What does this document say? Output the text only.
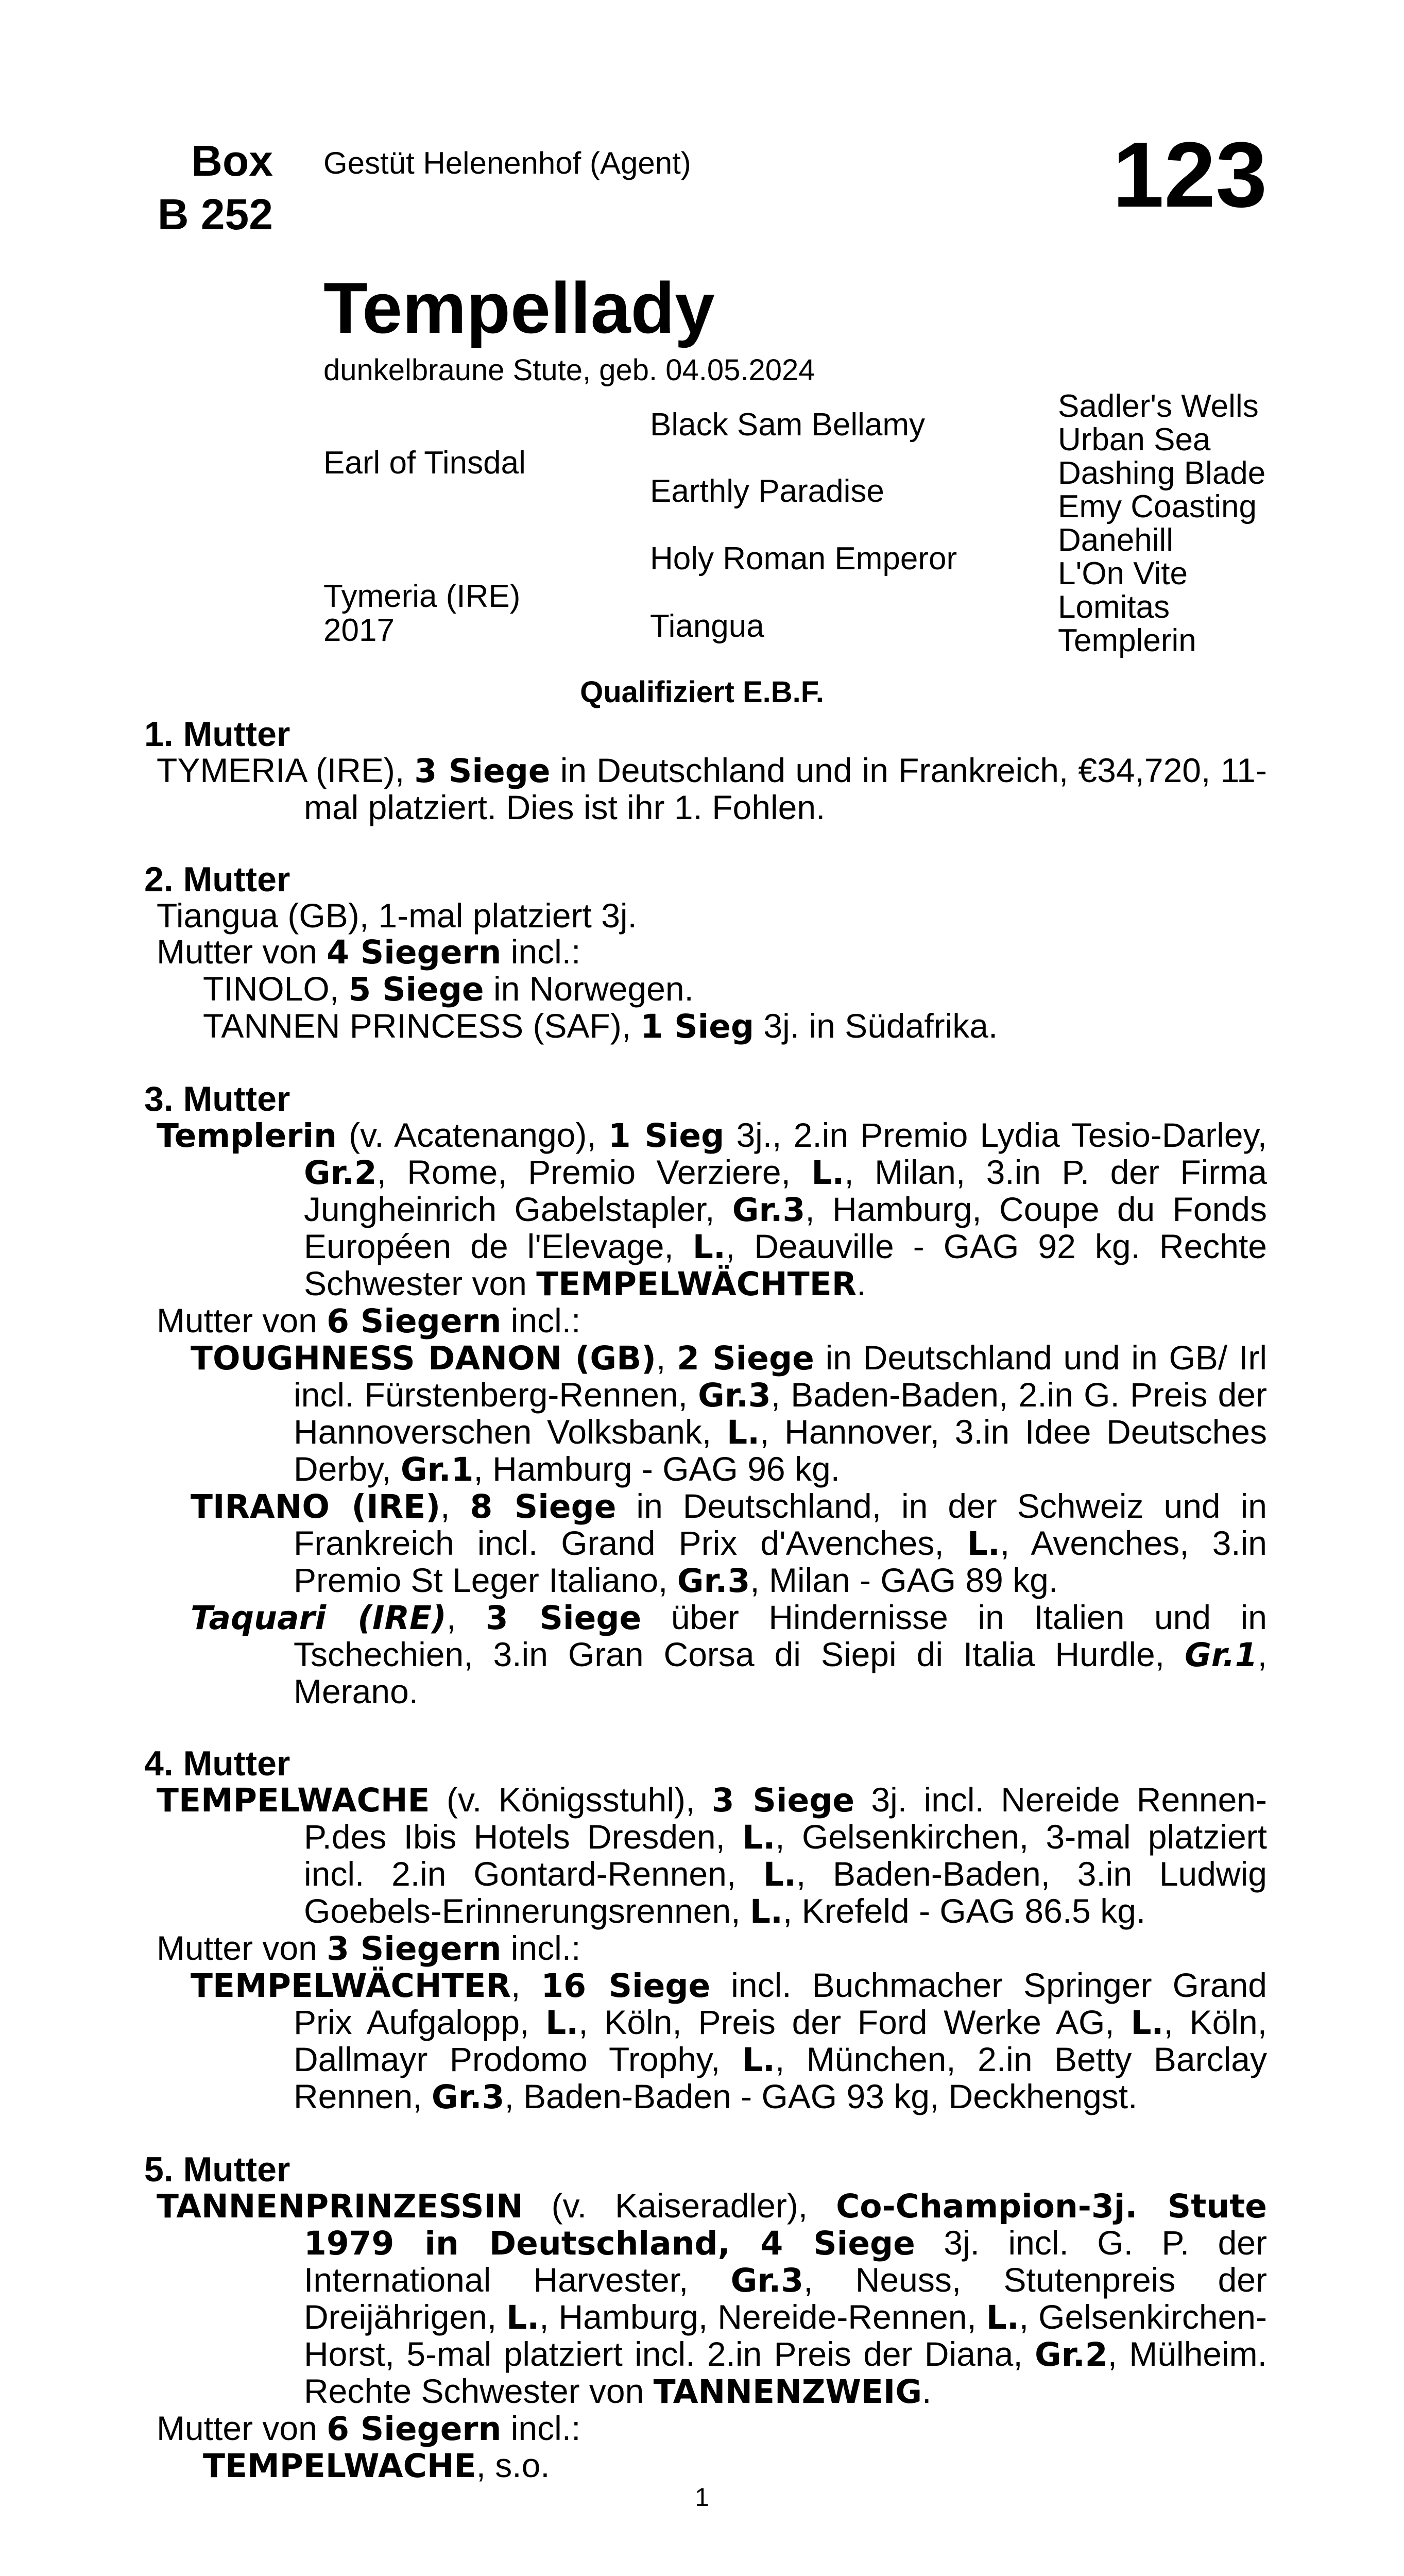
Box
B 252
Gestüt Helenenhof (Agent)	123
Tempellady
dunkelbraune Stute, geb. 04.05.2024
Earl of Tinsdal
Tymeria (IRE)
2017
Black Sam Bellamy
Earthly Paradise
Holy Roman Emperor
Tiangua
Sadler's Wells
Urban Sea
Dashing Blade
Emy Coasting
Danehill
L'On Vite
Lomitas
Templerin
Qualifiziert E.B.F.
1. Mutter
TYMERIA (IRE), 3 Siege in Deutschland und in Frankreich, €34,720, 11-mal platziert. Dies ist ihr 1. Fohlen.
2. Mutter
Tiangua (GB), 1-mal platziert 3j.
Mutter von 4 Siegern incl.:
TINOLO, 5 Siege in Norwegen.
TANNEN PRINCESS (SAF), 1 Sieg 3j. in Südafrika.
3. Mutter
Templerin (v. Acatenango), 1 Sieg 3j., 2.in Premio Lydia Tesio-Darley, Gr.2, Rome, Premio Verziere, L., Milan, 3.in P. der Firma Jungheinrich Gabelstapler, Gr.3, Hamburg, Coupe du Fonds Européen de l'Elevage, L., Deauville - GAG 92 kg. Rechte Schwester von TEMPELWÄCHTER.
Mutter von 6 Siegern incl.:
TOUGHNESS DANON (GB), 2 Siege in Deutschland und in GB/ Irl incl. Fürstenberg-Rennen, Gr.3, Baden-Baden, 2.in G. Preis der Hannoverschen Volksbank, L., Hannover, 3.in Idee Deutsches Derby, Gr.1, Hamburg - GAG 96 kg.
TIRANO (IRE), 8 Siege in Deutschland, in der Schweiz und in Frankreich incl. Grand Prix d'Avenches, L., Avenches, 3.in Premio St Leger Italiano, Gr.3, Milan - GAG 89 kg.
Taquari (IRE), 3 Siege über Hindernisse in Italien und in Tschechien, 3.in Gran Corsa di Siepi di Italia Hurdle, Gr.1, Merano.
4. Mutter
TEMPELWACHE (v. Königsstuhl), 3 Siege 3j. incl. Nereide Rennen-P.des Ibis Hotels Dresden, L., Gelsenkirchen, 3-mal platziert incl. 2.in Gontard-Rennen, L., Baden-Baden, 3.in Ludwig Goebels-Erinnerungsrennen, L., Krefeld - GAG 86.5 kg.
Mutter von 3 Siegern incl.:
TEMPELWÄCHTER, 16 Siege incl. Buchmacher Springer Grand Prix Aufgalopp, L., Köln, Preis der Ford Werke AG, L., Köln, Dallmayr Prodomo Trophy, L., München, 2.in Betty Barclay Rennen, Gr.3, Baden-Baden - GAG 93 kg, Deckhengst.
5. Mutter
TANNENPRINZESSIN (v. Kaiseradler), Co-Champion-3j. Stute 1979 in Deutschland, 4 Siege 3j. incl. G. P. der International Harvester, Gr.3, Neuss, Stutenpreis der Dreijährigen, L., Hamburg, Nereide-Rennen, L., Gelsenkirchen-Horst, 5-mal platziert incl. 2.in Preis der Diana, Gr.2, Mülheim. Rechte Schwester von TANNENZWEIG.
Mutter von 6 Siegern incl.:
TEMPELWACHE, s.o.
1
